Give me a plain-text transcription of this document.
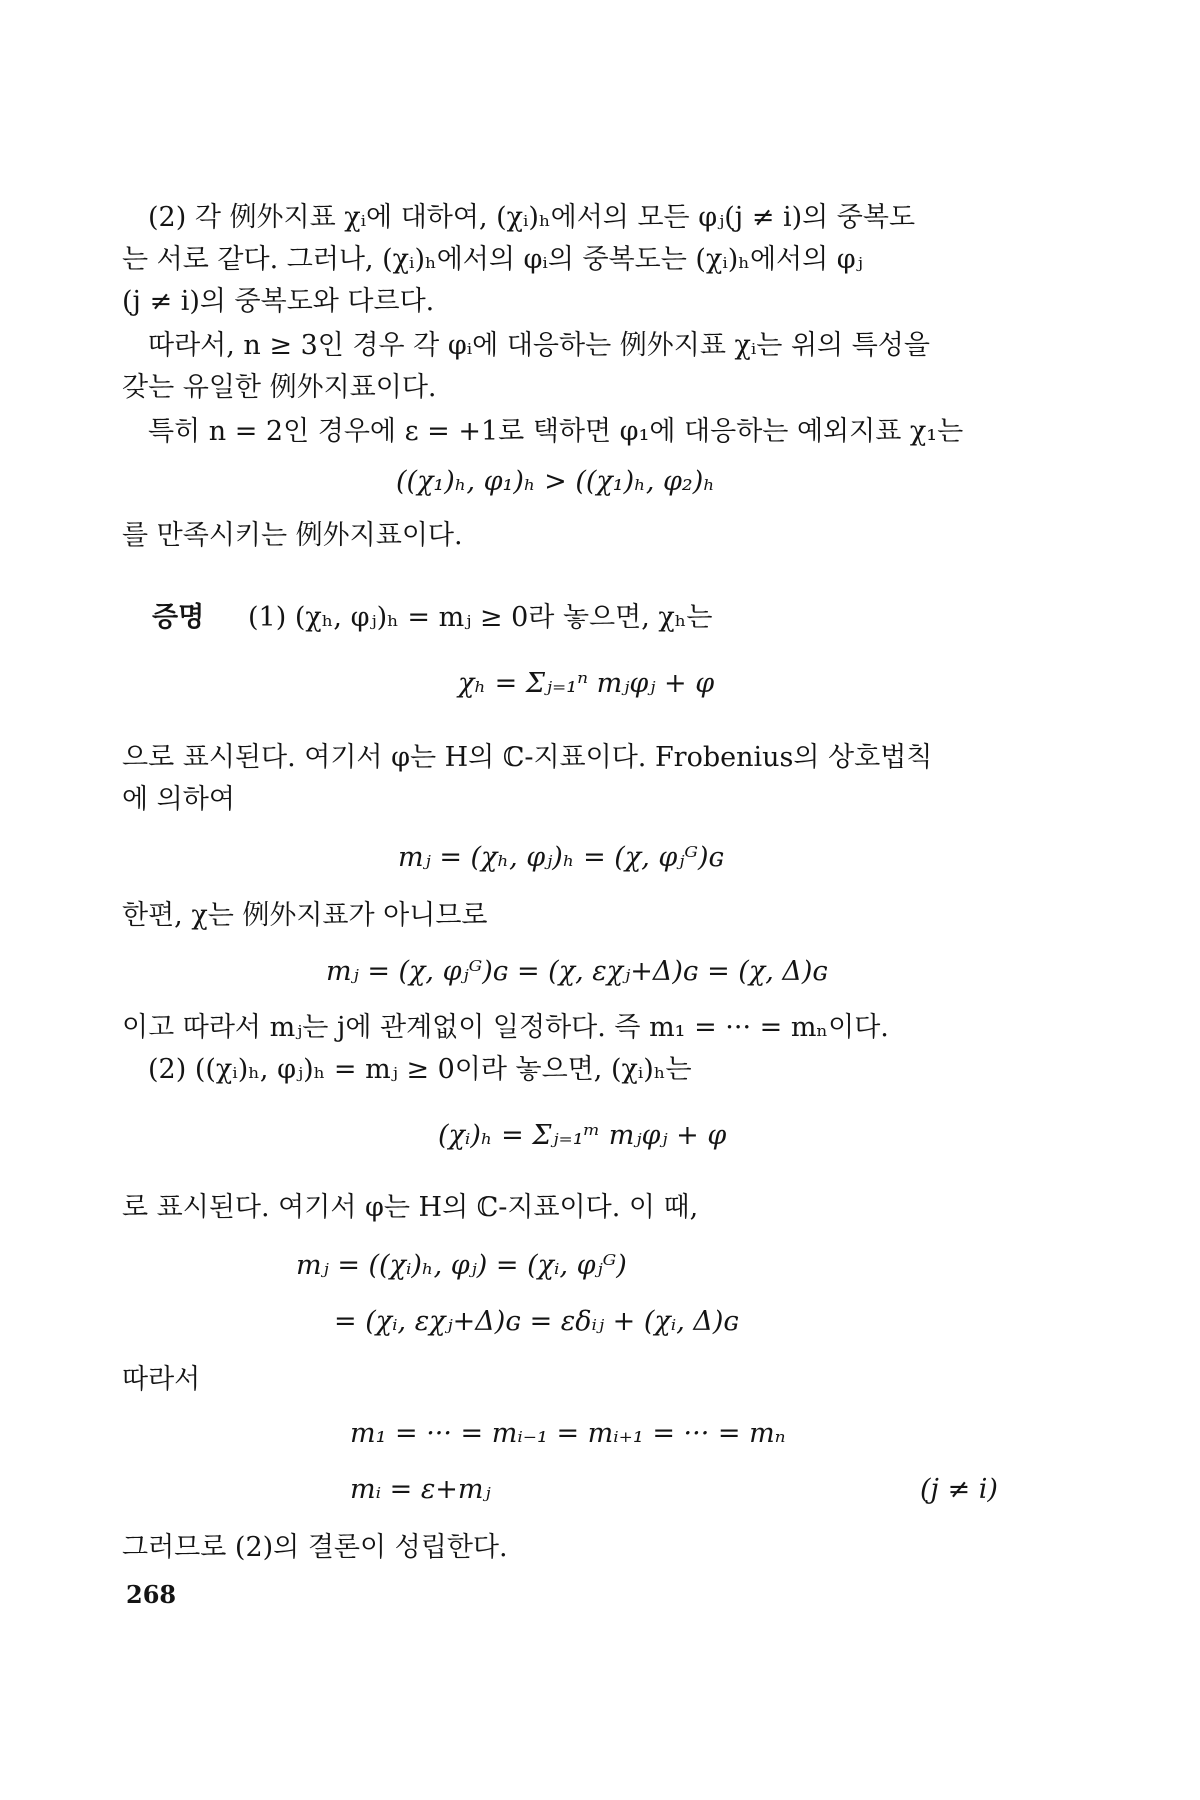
(2) 각 例外지표 χᵢ에 대하여, (χᵢ)ₕ에서의 모든 φⱼ(j ≠ i)의 중복도
는 서로 같다. 그러나, (χᵢ)ₕ에서의 φᵢ의 중복도는 (χᵢ)ₕ에서의 φⱼ
(j ≠ i)의 중복도와 다르다.
따라서, n ≥ 3인 경우 각 φᵢ에 대응하는 例外지표 χᵢ는 위의 특성을
갖는 유일한 例外지표이다.
특히 n = 2인 경우에 ε = +1로 택하면 φ₁에 대응하는 예외지표 χ₁는
((χ₁)ₕ, φ₁)ₕ > ((χ₁)ₕ, φ₂)ₕ
를 만족시키는 例外지표이다.
증명 (1) (χₕ, φⱼ)ₕ = mⱼ ≥ 0라 놓으면, χₕ는
χₕ = Σⱼ₌₁ⁿ mⱼφⱼ + φ
으로 표시된다. 여기서 φ는 H의 ℂ-지표이다. Frobenius의 상호법칙
에 의하여
mⱼ = (χₕ, φⱼ)ₕ = (χ, φⱼᴳ)ɢ
한편, χ는 例外지표가 아니므로
mⱼ = (χ, φⱼᴳ)ɢ = (χ, εχⱼ+Δ)ɢ = (χ, Δ)ɢ
이고 따라서 mⱼ는 j에 관계없이 일정하다. 즉 m₁ = ··· = mₙ이다.
(2) ((χᵢ)ₕ, φⱼ)ₕ = mⱼ ≥ 0이라 놓으면, (χᵢ)ₕ는
(χᵢ)ₕ = Σⱼ₌₁ᵐ mⱼφⱼ + φ
로 표시된다. 여기서 φ는 H의 ℂ-지표이다. 이 때,
mⱼ = ((χᵢ)ₕ, φⱼ) = (χᵢ, φⱼᴳ)
= (χᵢ, εχⱼ+Δ)ɢ = εδᵢⱼ + (χᵢ, Δ)ɢ
따라서
m₁ = ··· = mᵢ₋₁ = mᵢ₊₁ = ··· = mₙ
mᵢ = ε+mⱼ	(j ≠ i)
그러므로 (2)의 결론이 성립한다.
268
